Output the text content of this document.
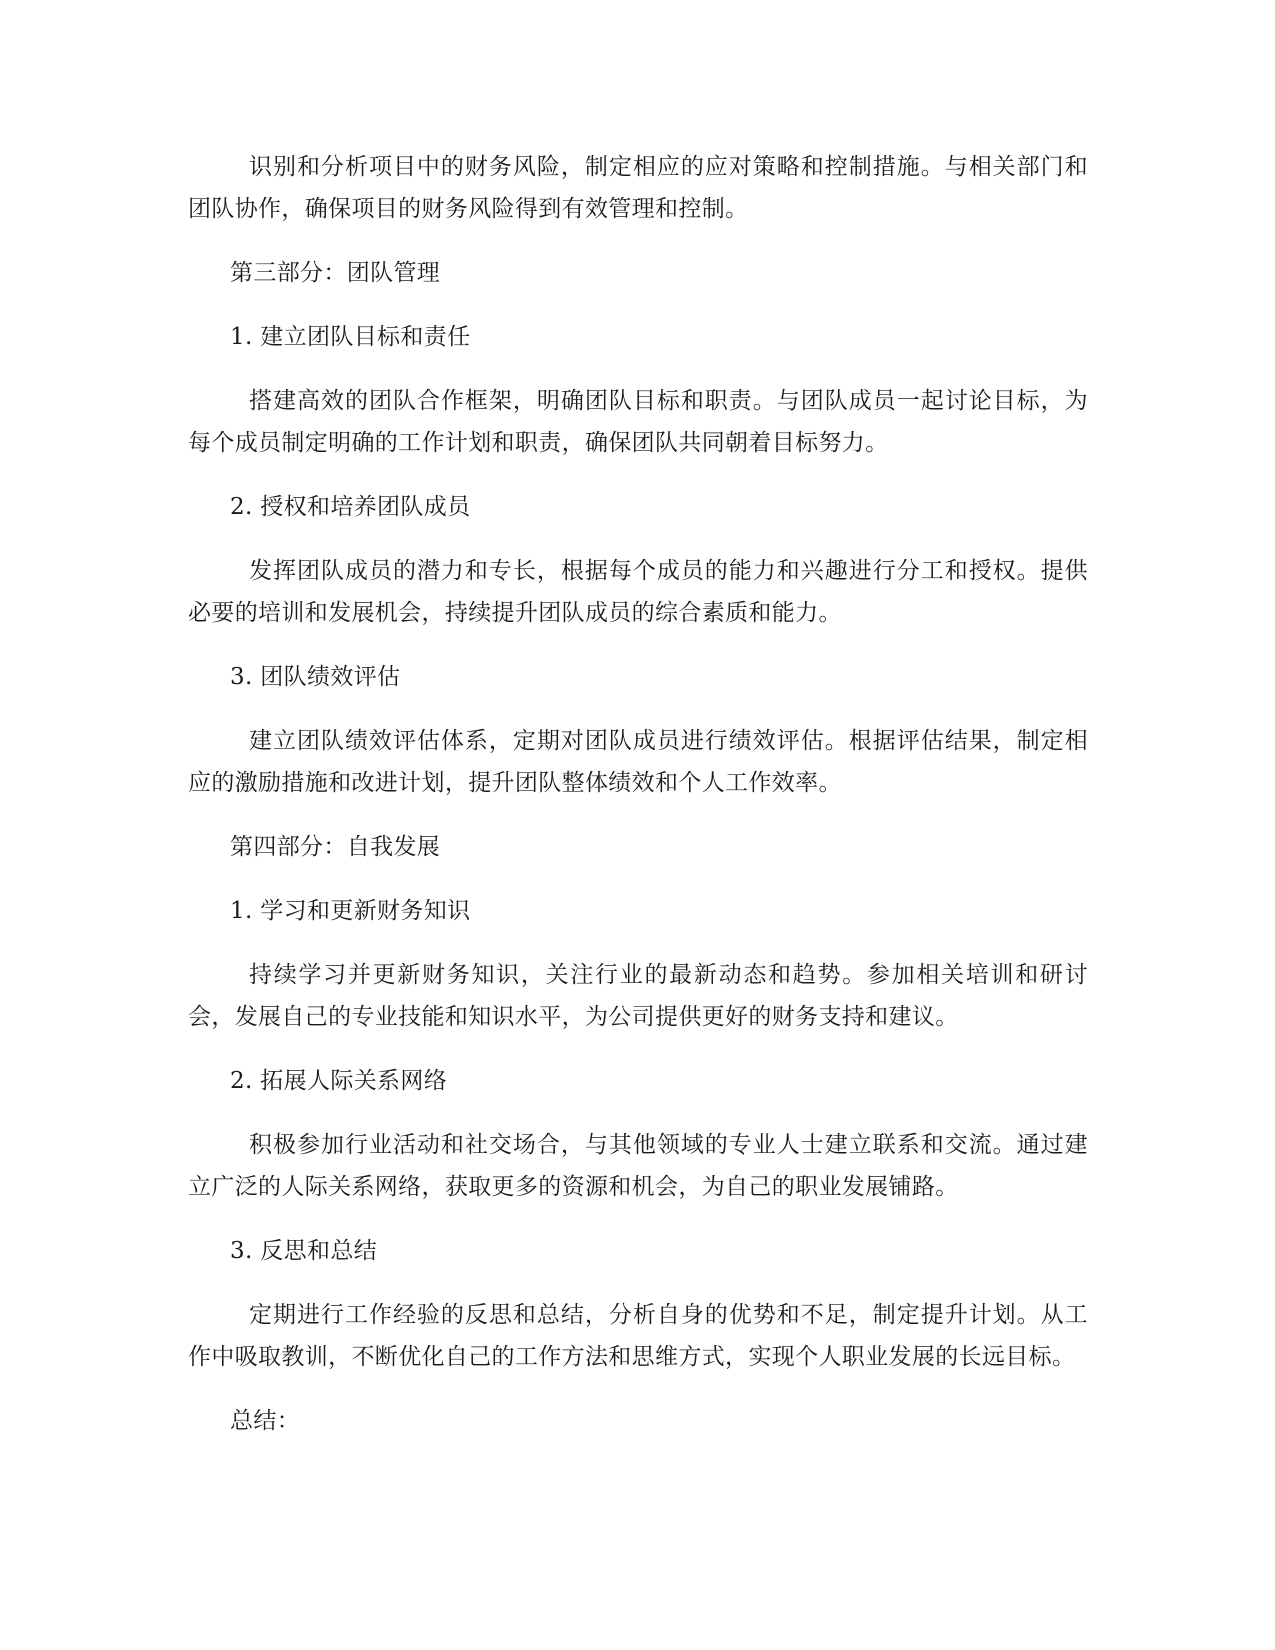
识别和分析项目中的财务风险，制定相应的应对策略和控制措施。与相关部门和团队协作，确保项目的财务风险得到有效管理和控制。

第三部分：团队管理

1. 建立团队目标和责任

搭建高效的团队合作框架，明确团队目标和职责。与团队成员一起讨论目标，为每个成员制定明确的工作计划和职责，确保团队共同朝着目标努力。

2. 授权和培养团队成员

发挥团队成员的潜力和专长，根据每个成员的能力和兴趣进行分工和授权。提供必要的培训和发展机会，持续提升团队成员的综合素质和能力。

3. 团队绩效评估

建立团队绩效评估体系，定期对团队成员进行绩效评估。根据评估结果，制定相应的激励措施和改进计划，提升团队整体绩效和个人工作效率。

第四部分：自我发展

1. 学习和更新财务知识

持续学习并更新财务知识，关注行业的最新动态和趋势。参加相关培训和研讨会，发展自己的专业技能和知识水平，为公司提供更好的财务支持和建议。

2. 拓展人际关系网络

积极参加行业活动和社交场合，与其他领域的专业人士建立联系和交流。通过建立广泛的人际关系网络，获取更多的资源和机会，为自己的职业发展铺路。

3. 反思和总结

定期进行工作经验的反思和总结，分析自身的优势和不足，制定提升计划。从工作中吸取教训，不断优化自己的工作方法和思维方式，实现个人职业发展的长远目标。

总结：
